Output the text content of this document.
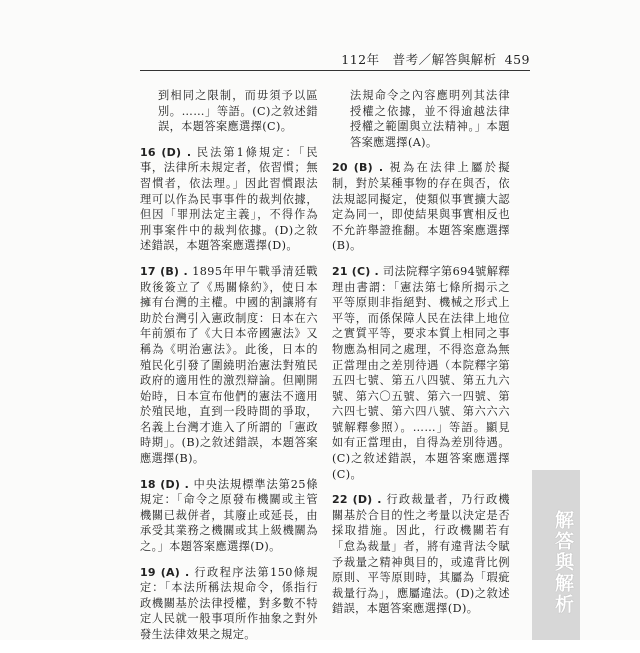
112年　普考／解答與解析 459

到相同之限制，而毋須予以區別。……」等語。(C)之敘述錯誤，本題答案應選擇(C)。

16 (D) . 民法第1條規定：「民事，法律所未規定者，依習慣；無習慣者，依法理。」因此習慣跟法理可以作為民事事件的裁判依據，但因「罪刑法定主義」，不得作為刑事案件中的裁判依據。(D)之敘述錯誤，本題答案應選擇(D)。

17 (B) . 1895年甲午戰爭清廷戰敗後簽立了《馬關條約》，使日本擁有台灣的主權。中國的割讓將有助於台灣引入憲政制度：日本在六年前頒布了《大日本帝國憲法》又稱為《明治憲法》。此後，日本的殖民化引發了圍繞明治憲法對殖民政府的適用性的激烈辯論。但剛開始時，日本宣布他們的憲法不適用於殖民地，直到一段時間的爭取，名義上台灣才進入了所謂的「憲政時期」。(B)之敘述錯誤，本題答案應選擇(B)。

18 (D) . 中央法規標準法第25條規定：「命令之原發布機關或主管機關已裁併者，其廢止或延長，由承受其業務之機關或其上級機關為之。」本題答案應選擇(D)。

19 (A) . 行政程序法第150條規定：「本法所稱法規命令，係指行政機關基於法律授權，對多數不特定人民就一般事項所作抽象之對外發生法律效果之規定。

法規命令之內容應明列其法律授權之依據，並不得逾越法律授權之範圍與立法精神。」本題答案應選擇(A)。

20 (B) . 視為在法律上屬於擬制，對於某種事物的存在與否，依法規認同擬定，使類似事實擴大認定為同一，即使結果與事實相反也不允許舉證推翻。本題答案應選擇(B)。

21 (C) . 司法院釋字第694號解釋理由書謂：「憲法第七條所揭示之平等原則非指絕對、機械之形式上平等，而係保障人民在法律上地位之實質平等，要求本質上相同之事物應為相同之處理，不得恣意為無正當理由之差別待遇（本院釋字第五四七號、第五八四號、第五九六號、第六〇五號、第六一四號、第六四七號、第六四八號、第六六六號解釋參照）。……」等語。顯見如有正當理由，自得為差別待遇。(C)之敘述錯誤，本題答案應選擇(C)。

22 (D) . 行政裁量者，乃行政機關基於合目的性之考量以決定是否採取措施。因此，行政機關若有「怠為裁量」者，將有違背法令賦予裁量之精神與目的，或違背比例原則、平等原則時，其屬為「瑕疵裁量行為」，應屬違法。(D)之敘述錯誤，本題答案應選擇(D)。	解答與解析
